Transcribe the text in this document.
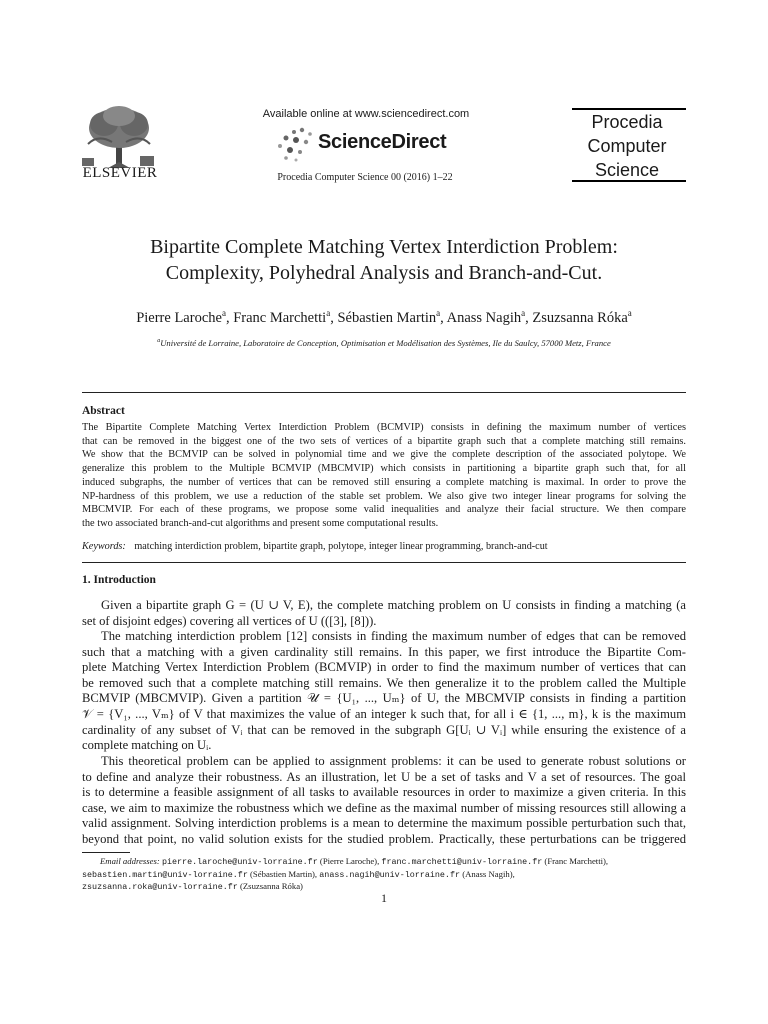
ELSEVIER
Available online at www.sciencedirect.com
ScienceDirect
Procedia Computer Science 00 (2016) 1–22
Procedia
Computer
Science
Bipartite Complete Matching Vertex Interdiction Problem:
Complexity, Polyhedral Analysis and Branch-and-Cut.
Pierre Laroche$^a$, Franc Marchetti$^a$, Sébastien Martin$^a$, Anass Nagih$^a$, Zsuzsanna Róka$^a$
$^a$Université de Lorraine, Laboratoire de Conception, Optimisation et Modélisation des Systèmes, Ile du Saulcy, 57000 Metz, France
Abstract
The Bipartite Complete Matching Vertex Interdiction Problem (BCMVIP) consists in defining the maximum number of vertices
that can be removed in the biggest one of the two sets of vertices of a bipartite graph such that a complete matching still remains.
We show that the BCMVIP can be solved in polynomial time and we give the complete description of the associated polytope. We
generalize this problem to the Multiple BCMVIP (MBCMVIP) which consists in partitioning a bipartite graph such that, for all
induced subgraphs, the number of vertices that can be removed still ensuring a complete matching is maximal. In order to prove the
NP-hardness of this problem, we use a reduction of the stable set problem. We also give two integer linear programs for solving the
MBCMVIP. For each of these programs, we propose some valid inequalities and analyze their facial structure. We then compare
the two associated branch-and-cut algorithms and present some computational results.
Keywords: matching interdiction problem, bipartite graph, polytope, integer linear programming, branch-and-cut
1. Introduction
Given a bipartite graph G = (U ∪ V, E), the complete matching problem on U consists in finding a matching (a
set of disjoint edges) covering all vertices of U (([3], [8])).
The matching interdiction problem [12] consists in finding the maximum number of edges that can be removed
such that a matching with a given cardinality still remains. In this paper, we first introduce the Bipartite Com-
plete Matching Vertex Interdiction Problem (BCMVIP) in order to find the maximum number of vertices that can
be removed such that a complete matching still remains. We then generalize it to the problem called the Multiple
BCMVIP (MBCMVIP). Given a partition 𝒰 = {U₁, ..., Uₘ} of U, the MBCMVIP consists in finding a partition
𝒱 = {V₁, ..., Vₘ} of V that maximizes the value of an integer k such that, for all i ∈ {1, ..., m}, k is the maximum
cardinality of any subset of Vᵢ that can be removed in the subgraph G[Uᵢ ∪ Vᵢ] while ensuring the existence of a
complete matching on Uᵢ.
This theoretical problem can be applied to assignment problems: it can be used to generate robust solutions or
to define and analyze their robustness. As an illustration, let U be a set of tasks and V a set of resources. The goal
is to determine a feasible assignment of all tasks to available resources in order to maximize a given criteria. In this
case, we aim to maximize the robustness which we define as the maximal number of missing resources still allowing a
valid assignment. Solving interdiction problems is a mean to determine the maximum possible perturbation such that,
beyond that point, no valid solution exists for the studied problem. Practically, these perturbations can be triggered
Email addresses: pierre.laroche@univ-lorraine.fr (Pierre Laroche), franc.marchetti@univ-lorraine.fr (Franc Marchetti),
sebastien.martin@univ-lorraine.fr (Sébastien Martin), anass.nagih@univ-lorraine.fr (Anass Nagih),
zsuzsanna.roka@univ-lorraine.fr (Zsuzsanna Róka)
1
